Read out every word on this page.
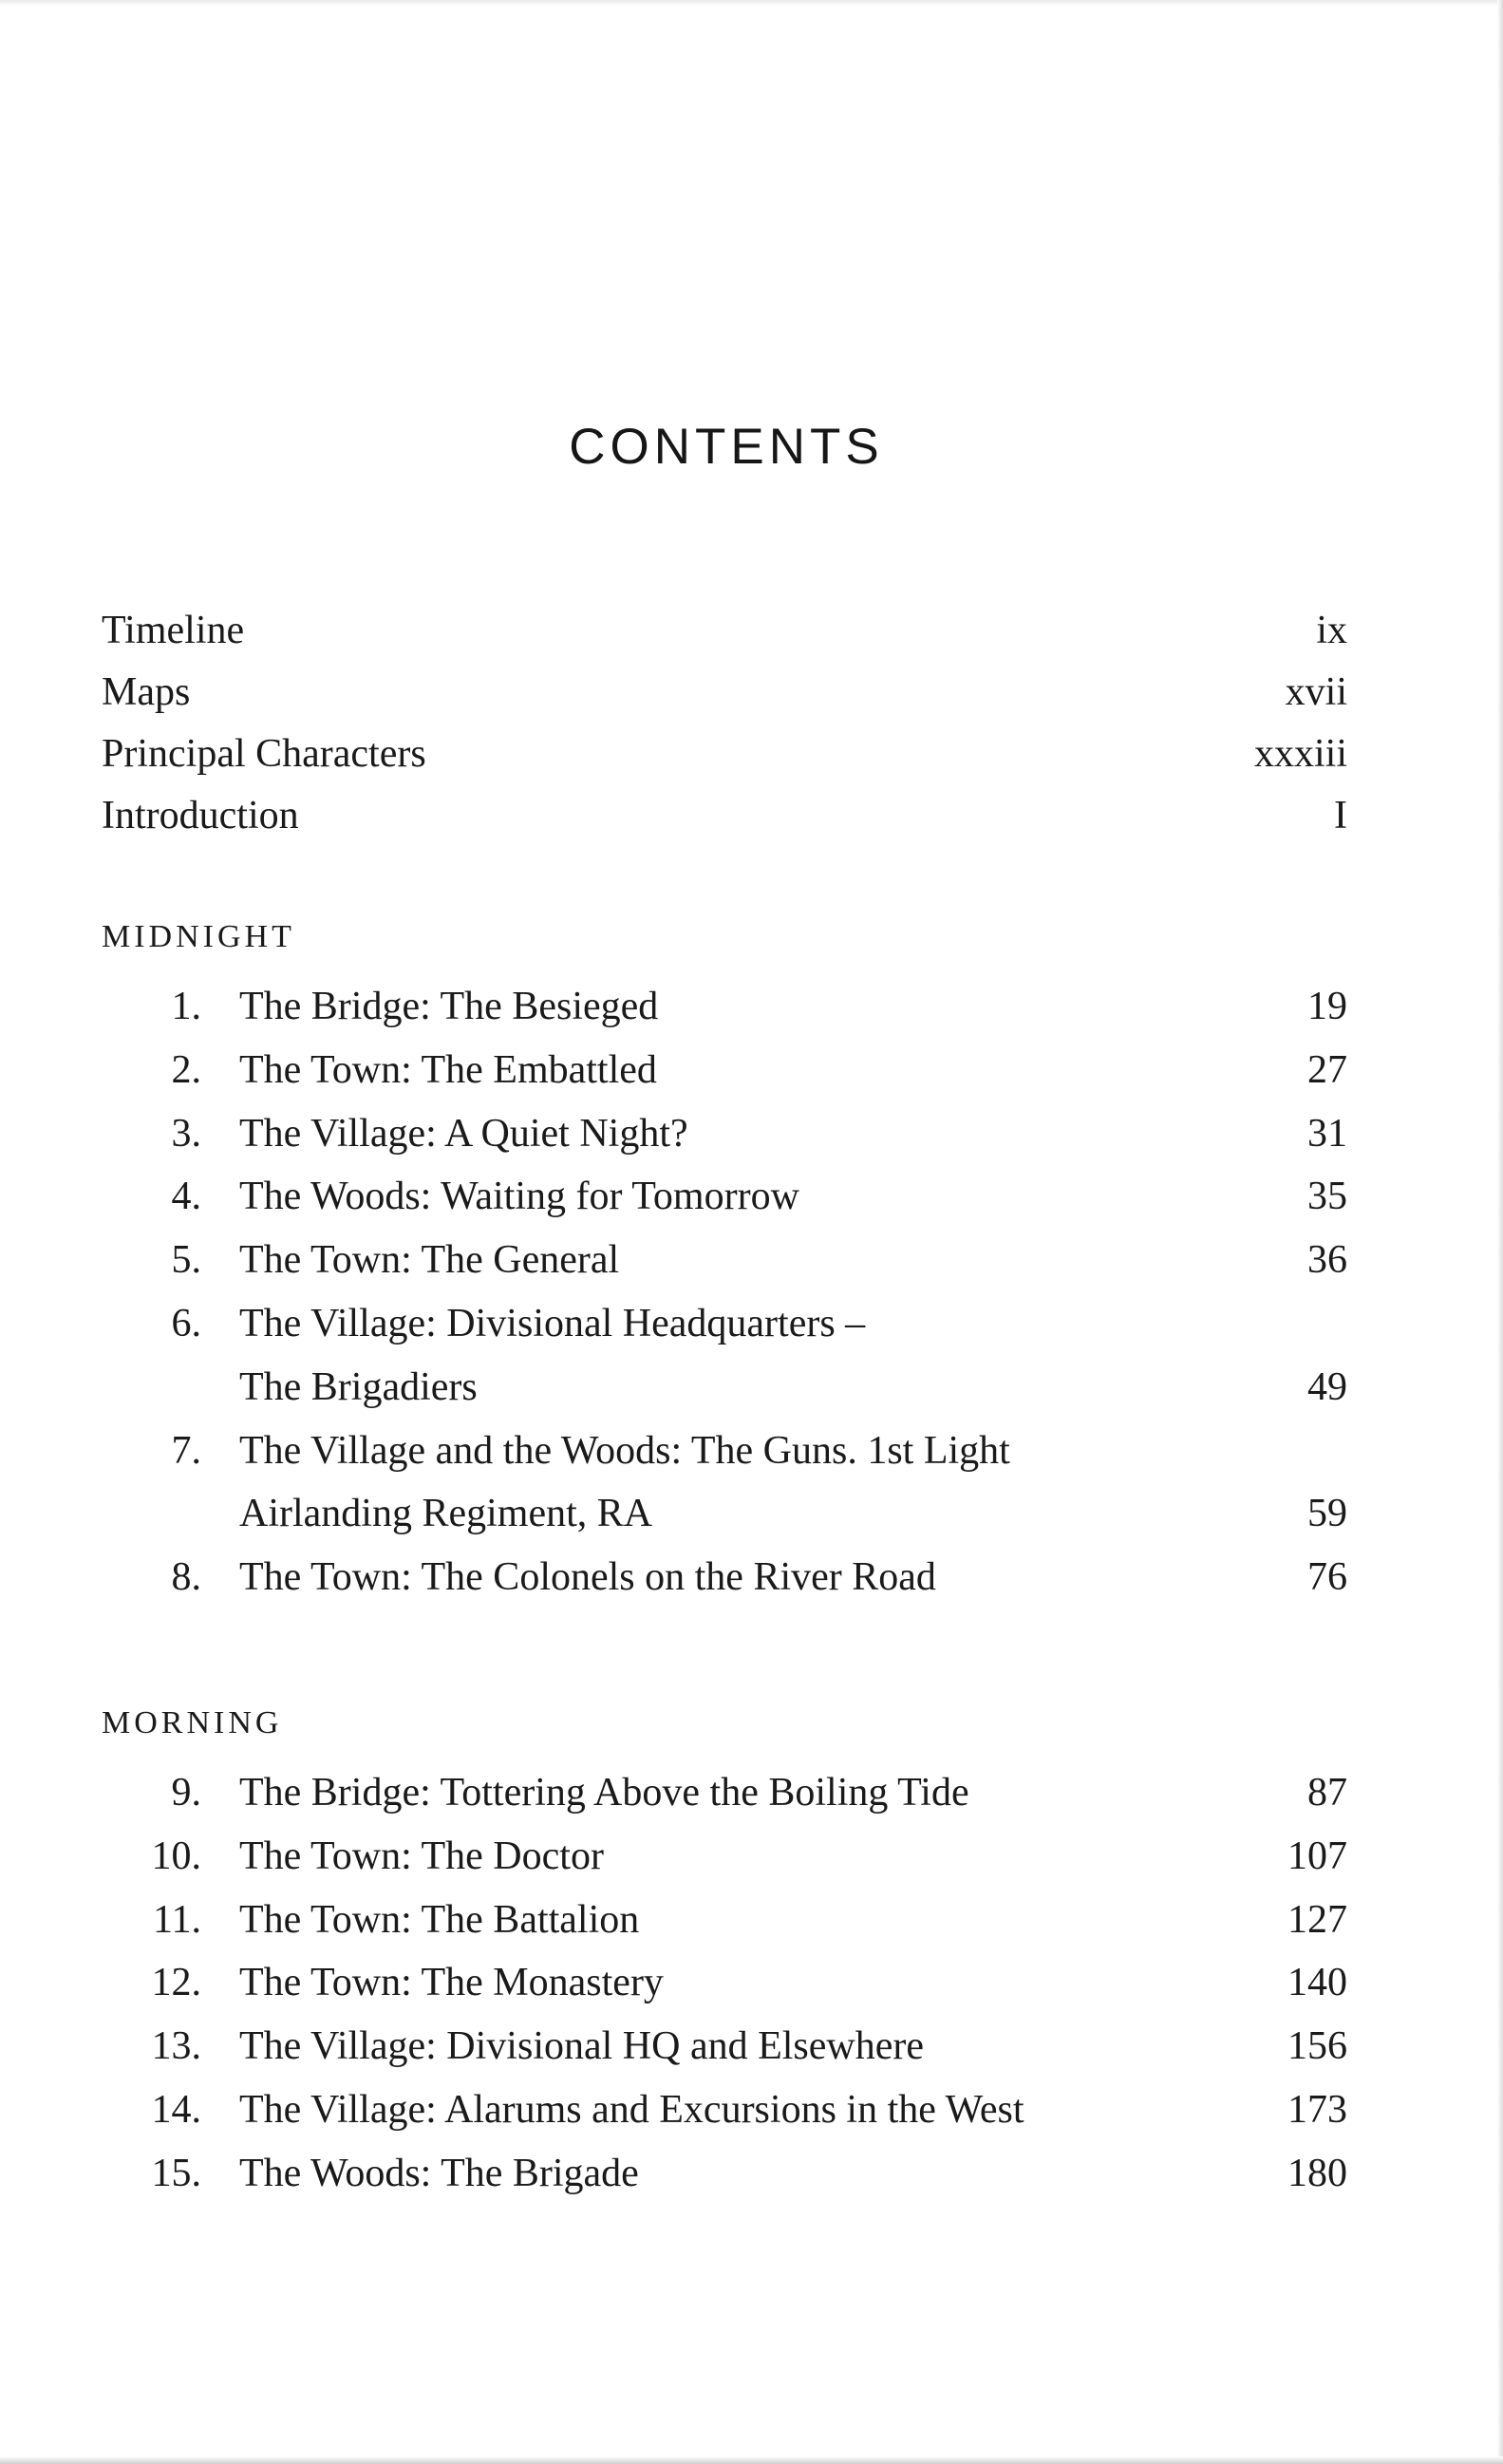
CONTENTS
Timeline	ix
Maps	xvii
Principal Characters	xxxiii
Introduction	I
MIDNIGHT
1. The Bridge: The Besieged	19
2. The Town: The Embattled	27
3. The Village: A Quiet Night?	31
4. The Woods: Waiting for Tomorrow	35
5. The Town: The General	36
6. The Village: Divisional Headquarters –
The Brigadiers	49
7. The Village and the Woods: The Guns. 1st Light
Airlanding Regiment, RA	59
8. The Town: The Colonels on the River Road	76
MORNING
9. The Bridge: Tottering Above the Boiling Tide	87
10. The Town: The Doctor	107
11. The Town: The Battalion	127
12. The Town: The Monastery	140
13. The Village: Divisional HQ and Elsewhere	156
14. The Village: Alarums and Excursions in the West	173
15. The Woods: The Brigade	180
